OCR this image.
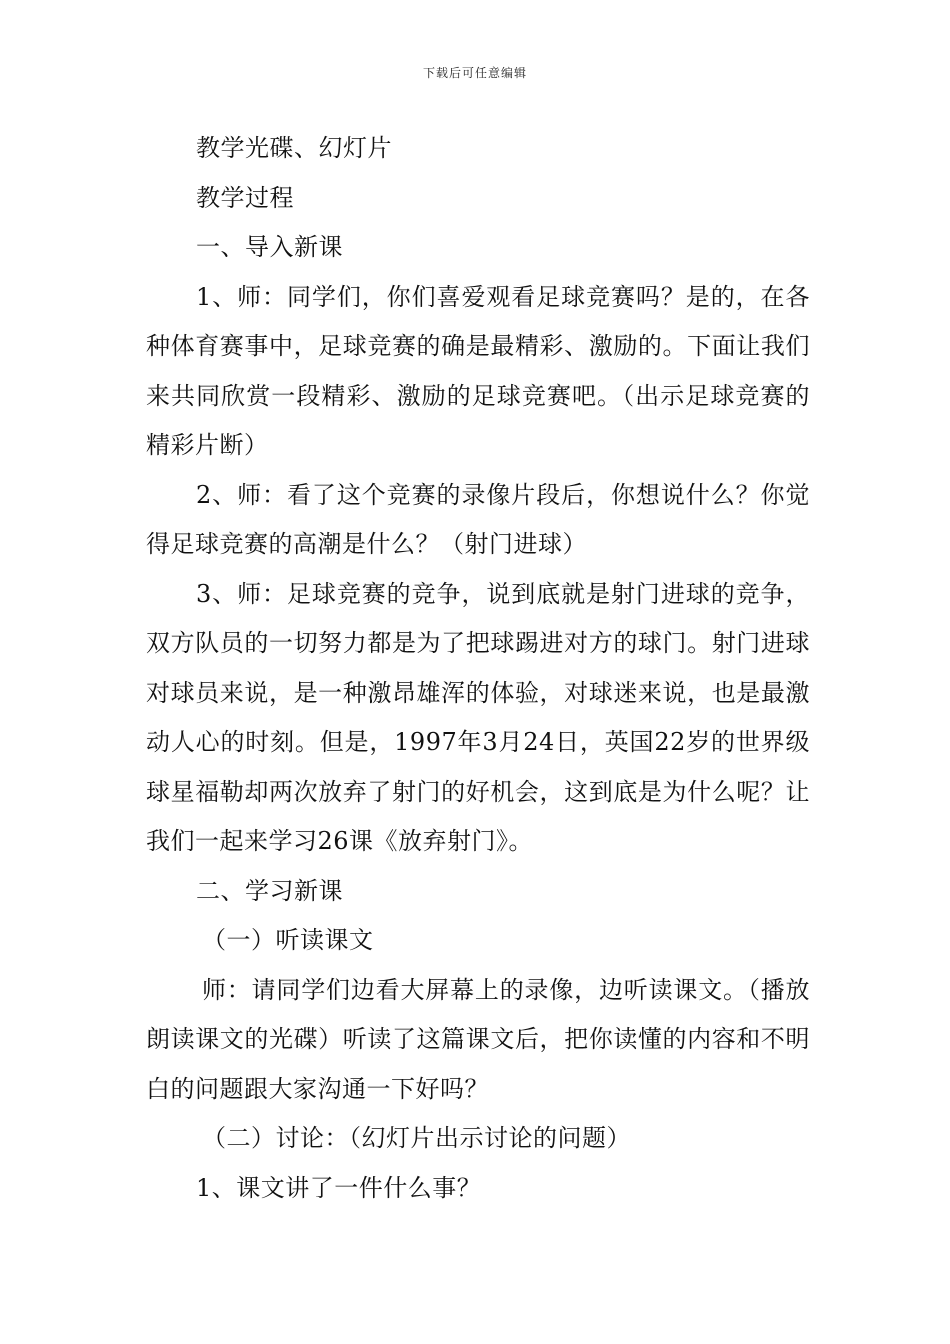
下载后可任意编辑

教学光碟、幻灯片

教学过程

一、导入新课

1、师：同学们，你们喜爱观看足球竞赛吗？是的，在各种体育赛事中，足球竞赛的确是最精彩、激励的。下面让我们来共同欣赏一段精彩、激励的足球竞赛吧。（出示足球竞赛的精彩片断）

2、师：看了这个竞赛的录像片段后，你想说什么？你觉得足球竞赛的高潮是什么？（射门进球）

3、师：足球竞赛的竞争，说到底就是射门进球的竞争，双方队员的一切努力都是为了把球踢进对方的球门。射门进球对球员来说，是一种激昂雄浑的体验，对球迷来说，也是最激动人心的时刻。但是，1997年3月24日，英国22岁的世界级球星福勒却两次放弃了射门的好机会，这到底是为什么呢？让我们一起来学习26课《放弃射门》。

二、学习新课

（一）听读课文

师：请同学们边看大屏幕上的录像，边听读课文。（播放朗读课文的光碟）听读了这篇课文后，把你读懂的内容和不明白的问题跟大家沟通一下好吗？

（二）讨论：（幻灯片出示讨论的问题）

1、课文讲了一件什么事？
